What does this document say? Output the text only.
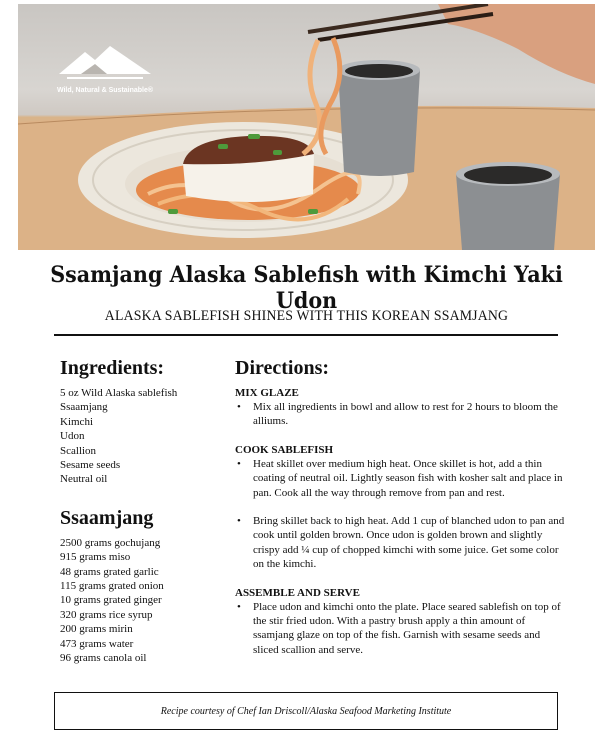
Wild, Natural & Sustainable®
Ssamjang Alaska Sablefish with Kimchi Yaki Udon
ALASKA SABLEFISH SHINES WITH THIS KOREAN SSAMJANG
Ingredients:
5 oz Wild Alaska sablefish
Ssaamjang
Kimchi
Udon
Scallion
Sesame seeds
Neutral oil
Ssaamjang
2500 grams gochujang
915 grams miso
48 grams grated garlic
115 grams grated onion
10 grams grated ginger
320 grams rice syrup
200 grams mirin
473 grams water
96 grams canola oil
Directions:

MIX GLAZE

• Mix all ingredients in bowl and allow to rest for 2 hours to bloom the alliums.

COOK SABLEFISH

• Heat skillet over medium high heat. Once skillet is hot, add a thin coating of neutral oil. Lightly season fish with kosher salt and place in pan. Cook all the way through remove from pan and rest.
• Bring skillet back to high heat. Add 1 cup of blanched udon to pan and cook until golden brown. Once udon is golden brown and slightly crispy add ¼ cup of chopped kimchi with some juice. Get some color on the kimchi.

ASSEMBLE AND SERVE

• Place udon and kimchi onto the plate. Place seared sablefish on top of the stir fried udon. With a pastry brush apply a thin amount of ssamjang glaze on top of the fish. Garnish with sesame seeds and sliced scallion and serve.
Recipe courtesy of Chef Ian Driscoll/Alaska Seafood Marketing Institute
